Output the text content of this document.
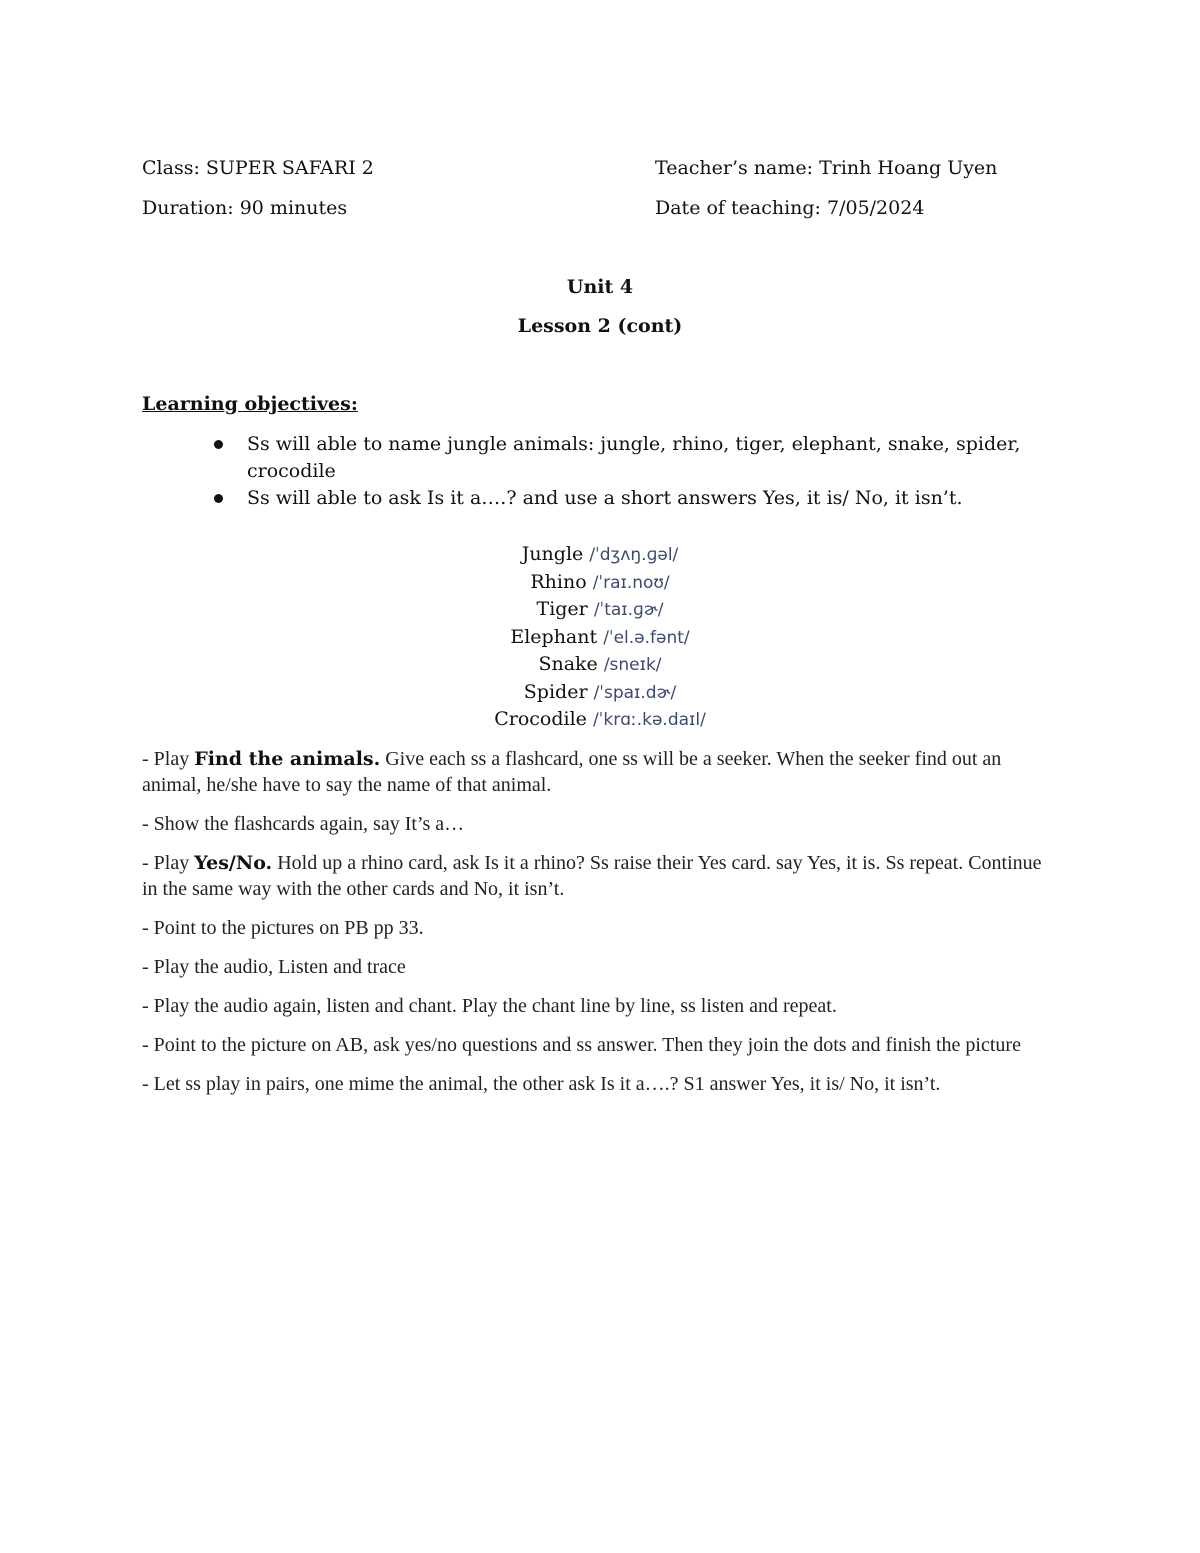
Class: SUPER SAFARI 2	Teacher’s name: Trinh Hoang Uyen
Duration: 90 minutes	Date of teaching: 7/05/2024
Unit 4
Lesson 2 (cont)
Learning objectives:
Ss will able to name jungle animals: jungle, rhino, tiger, elephant, snake, spider, crocodile
Ss will able to ask Is it a….? and use a short answers Yes, it is/ No, it isn’t.
Jungle /ˈdʒʌŋ.ɡəl/
Rhino /ˈraɪ.noʊ/
Tiger /ˈtaɪ.ɡɚ/
Elephant /ˈel.ə.fənt/
Snake /sneɪk/
Spider /ˈspaɪ.dɚ/
Crocodile /ˈkrɑː.kə.daɪl/
- Play Find the animals. Give each ss a flashcard, one ss will be a seeker. When the seeker find out an animal, he/she have to say the name of that animal.
- Show the flashcards again, say It’s a…
- Play Yes/No. Hold up a rhino card, ask Is it a rhino? Ss raise their Yes card. say Yes, it is. Ss repeat. Continue in the same way with the other cards and No, it isn’t.
- Point to the pictures on PB pp 33.
- Play the audio, Listen and trace
- Play the audio again, listen and chant. Play the chant line by line, ss listen and repeat.
- Point to the picture on AB, ask yes/no questions and ss answer. Then they join the dots and finish the picture
- Let ss play in pairs, one mime the animal, the other ask Is it a….? S1 answer Yes, it is/ No, it isn’t.
